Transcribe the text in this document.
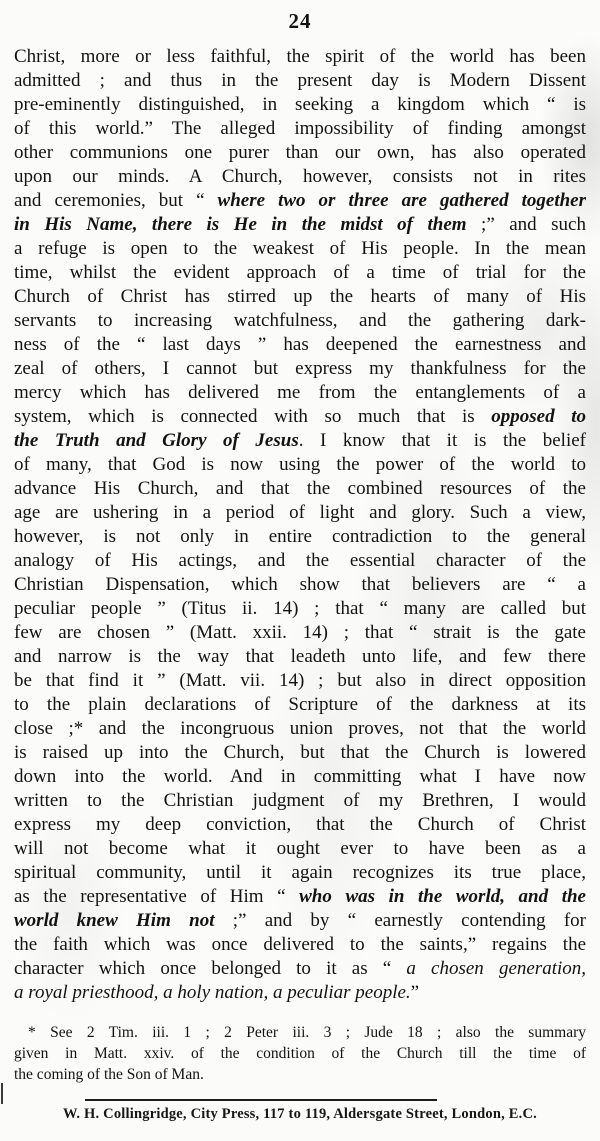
24
Christ, more or less faithful, the spirit of the world has been
admitted ; and thus in the present day is Modern Dissent
pre-eminently distinguished, in seeking a kingdom which “ is
of this world.” The alleged impossibility of finding amongst
other communions one purer than our own, has also operated
upon our minds. A Church, however, consists not in rites
and ceremonies, but “ where two or three are gathered together
in His Name, there is He in the midst of them ;” and such
a refuge is open to the weakest of His people. In the mean
time, whilst the evident approach of a time of trial for the
Church of Christ has stirred up the hearts of many of His
servants to increasing watchfulness, and the gathering dark-
ness of the “ last days ” has deepened the earnestness and
zeal of others, I cannot but express my thankfulness for the
mercy which has delivered me from the entanglements of a
system, which is connected with so much that is opposed to
the Truth and Glory of Jesus. I know that it is the belief
of many, that God is now using the power of the world to
advance His Church, and that the combined resources of the
age are ushering in a period of light and glory. Such a view,
however, is not only in entire contradiction to the general
analogy of His actings, and the essential character of the
Christian Dispensation, which show that believers are “ a
peculiar people ” (Titus ii. 14) ; that “ many are called but
few are chosen ” (Matt. xxii. 14) ; that “ strait is the gate
and narrow is the way that leadeth unto life, and few there
be that find it ” (Matt. vii. 14) ; but also in direct opposition
to the plain declarations of Scripture of the darkness at its
close ;* and the incongruous union proves, not that the world
is raised up into the Church, but that the Church is lowered
down into the world. And in committing what I have now
written to the Christian judgment of my Brethren, I would
express my deep conviction, that the Church of Christ
will not become what it ought ever to have been as a
spiritual community, until it again recognizes its true place,
as the representative of Him “ who was in the world, and the
world knew Him not ;” and by “ earnestly contending for
the faith which was once delivered to the saints,” regains the
character which once belonged to it as “ a chosen generation,
a royal priesthood, a holy nation, a peculiar people.”
* See 2 Tim. iii. 1 ; 2 Peter iii. 3 ; Jude 18 ; also the summary
given in Matt. xxiv. of the condition of the Church till the time of
the coming of the Son of Man.
W. H. Collingridge, City Press, 117 to 119, Aldersgate Street, London, E.C.
